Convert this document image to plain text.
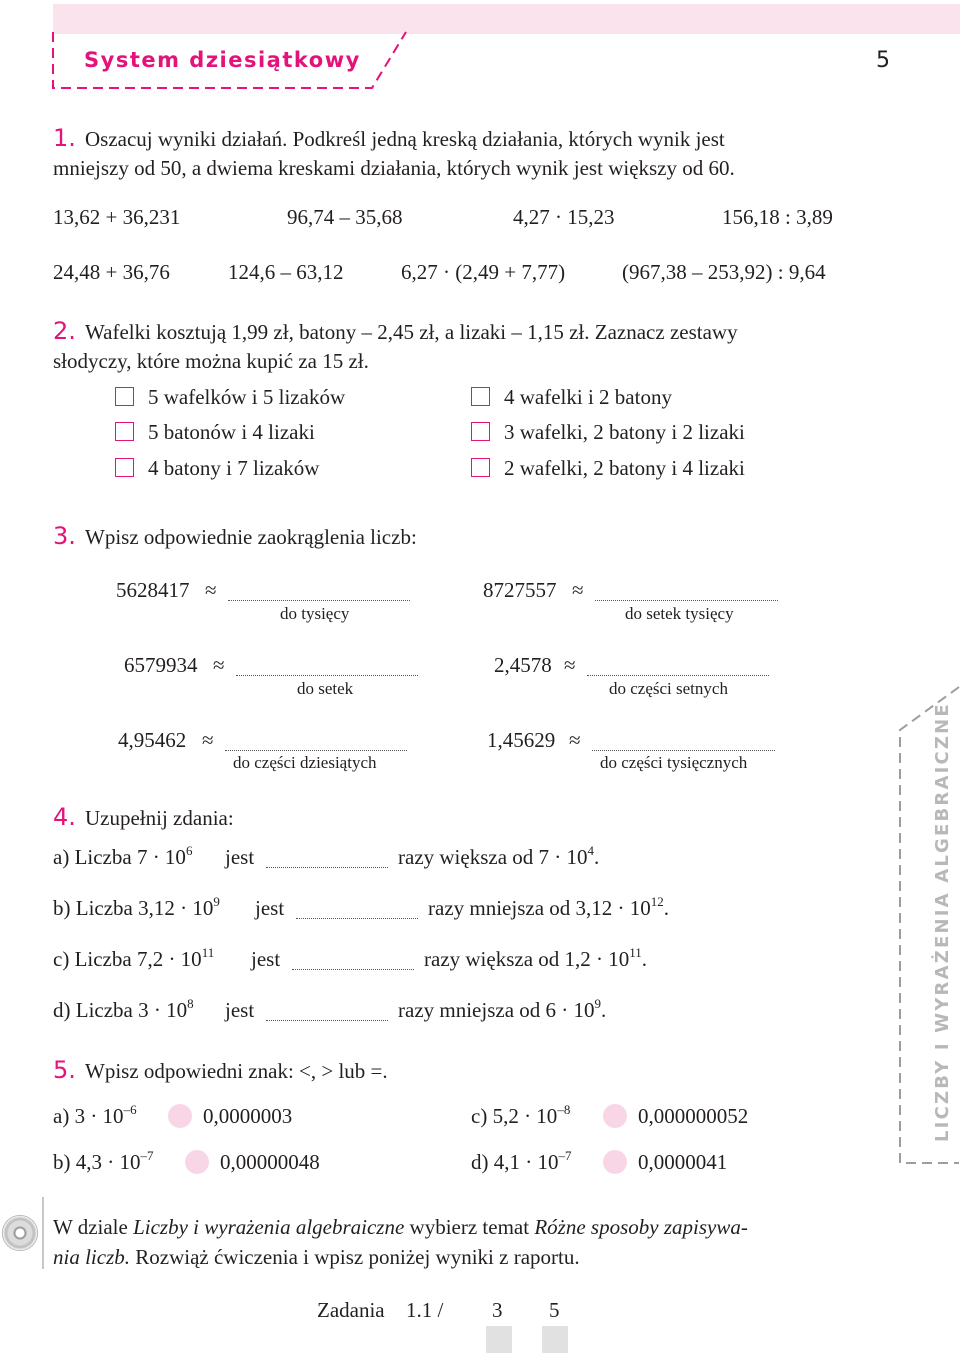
System dziesiątkowy	5
1. Oszacuj wyniki działań. Podkreśl jedną kreską działania, których wynik jest
mniejszy od 50, a dwiema kreskami działania, których wynik jest większy od 60.
13,62 + 36,231	96,74 – 35,68	4,27 · 15,23	156,18 : 3,89
24,48 + 36,76	124,6 – 63,12	6,27 · (2,49 + 7,77)	(967,38 – 253,92) : 9,64
2. Wafelki kosztują 1,99 zł, batony – 2,45 zł, a lizaki – 1,15 zł. Zaznacz zestawy
słodyczy, które można kupić za 15 zł.
5 wafelków i 5 lizaków
5 batonów i 4 lizaki
4 batony i 7 lizaków
4 wafelki i 2 batony
3 wafelki, 2 batony i 2 lizaki
2 wafelki, 2 batony i 4 lizaki
3. Wpisz odpowiednie zaokrąglenia liczb:
5628417 ≈
do tysięcy
8727557 ≈
do setek tysięcy
6579934 ≈
do setek
2,4578 ≈
do części setnych
4,95462 ≈
do części dziesiątych
1,45629 ≈
do części tysięcznych
4. Uzupełnij zdania:
a) Liczba $7 \cdot 10^6$ jest	razy większa od $7 \cdot 10^4$.
b) Liczba $3,12 \cdot 10^9$ jest	razy mniejsza od $3,12 \cdot 10^{12}$.
c) Liczba $7,2 \cdot 10^{11}$ jest	razy większa od $1,2 \cdot 10^{11}$.
d) Liczba $3 \cdot 10^8$ jest	razy mniejsza od $6 \cdot 10^9$.
5. Wpisz odpowiedni znak: <, > lub =.
a) $3 \cdot 10^{-6}$	0,0000003	c) $5,2 \cdot 10^{-8}$	0,000000052
b) $4,3 \cdot 10^{-7}$	0,00000048	d) $4,1 \cdot 10^{-7}$	0,0000041
LICZBY I WYRAŻENIA ALGEBRAICZNE
W dziale Liczby i wyrażenia algebraiczne wybierz temat Różne sposoby zapisywa-
nia liczb. Rozwiąż ćwiczenia i wpisz poniżej wyniki z raportu.
Zadania 1.1 / 3 5
